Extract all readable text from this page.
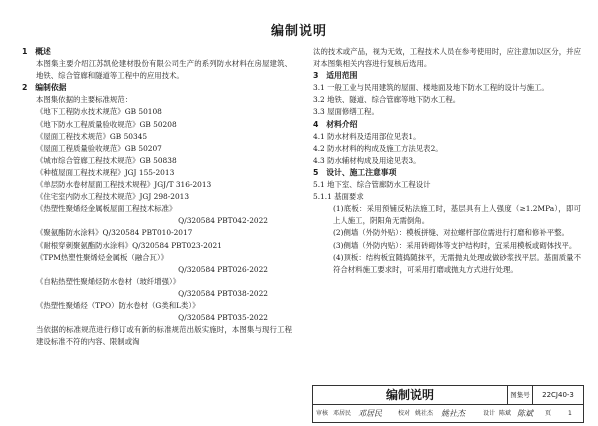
编制说明
1　概述
本图集主要介绍江苏凯伦建材股份有限公司生产的系列防水材料在房屋建筑、地铁、综合管廊和隧道等工程中的应用技术。
2　编制依据
本图集依据的主要标准规范：
《地下工程防水技术规范》GB 50108
《地下防水工程质量验收规范》GB 50208
《屋面工程技术规范》GB 50345
《屋面工程质量验收规范》GB 50207
《城市综合管廊工程技术规范》GB 50838
《种植屋面工程技术规程》JGJ 155-2013
《单层防水卷材屋面工程技术规程》JGJ/T 316-2013
《住宅室内防水工程技术规范》JGJ 298-2013
《热塑性聚烯烃金属板屋面工程技术标准》
Q/320584 PBT042-2022
《聚氨酯防水涂料》Q/320584 PBT010-2017
《耐根穿刺聚氨酯防水涂料》Q/320584 PBT023-2021
《TPM热塑性聚烯烃金属板（融合瓦）》
Q/320584 PBT026-2022
《自粘热塑性聚烯烃防水卷材（玻纤增强）》
Q/320584 PBT038-2022
《热塑性聚烯烃（TPO）防水卷材（G类和L类）》
Q/320584 PBT035-2022
当依据的标准规范进行修订或有新的标准规范出版实施时，本图集与现行工程建设标准不符的内容、限制或淘
汰的技术或产品，视为无效，工程技术人员在参考使用时，应注意加以区分，并应对本图集相关内容进行复核后选用。
3　适用范围
3.1 一般工业与民用建筑的屋面、楼地面及地下防水工程的设计与施工。
3.2 地铁、隧道、综合管廊等地下防水工程。
3.3 屋面修缮工程。
4　材料介绍
4.1 防水材料及适用部位见表1。
4.2 防水材料的构成及施工方法见表2。
4.3 防水辅材构成及用途见表3。
5　设计、施工注意事项
5.1 地下室、综合管廊防水工程设计
5.1.1 基面要求
(1)底板：采用预铺反粘法施工时，基层具有上人强度（≥1.2MPa），即可上人施工，阴阳角无需倒角。
(2)侧墙（外防外贴）：模板拼缝、对拉螺杆部位需进行打磨和修补平整。
(3)侧墙（外防内贴）：采用砖砌体等支护结构时，宜采用模板或砌体找平。
(4)顶板：结构板宜随捣随抹平，无需抛丸处理或做砂浆找平层。基面质量不符合材料施工要求时，可采用打磨或抛丸方式进行处理。
编制说明	图集号	22CJ40-3
审核 邓居民 邓居民	校对 姚社杰 姚社杰	设计 陈斌 陈斌 页	1
